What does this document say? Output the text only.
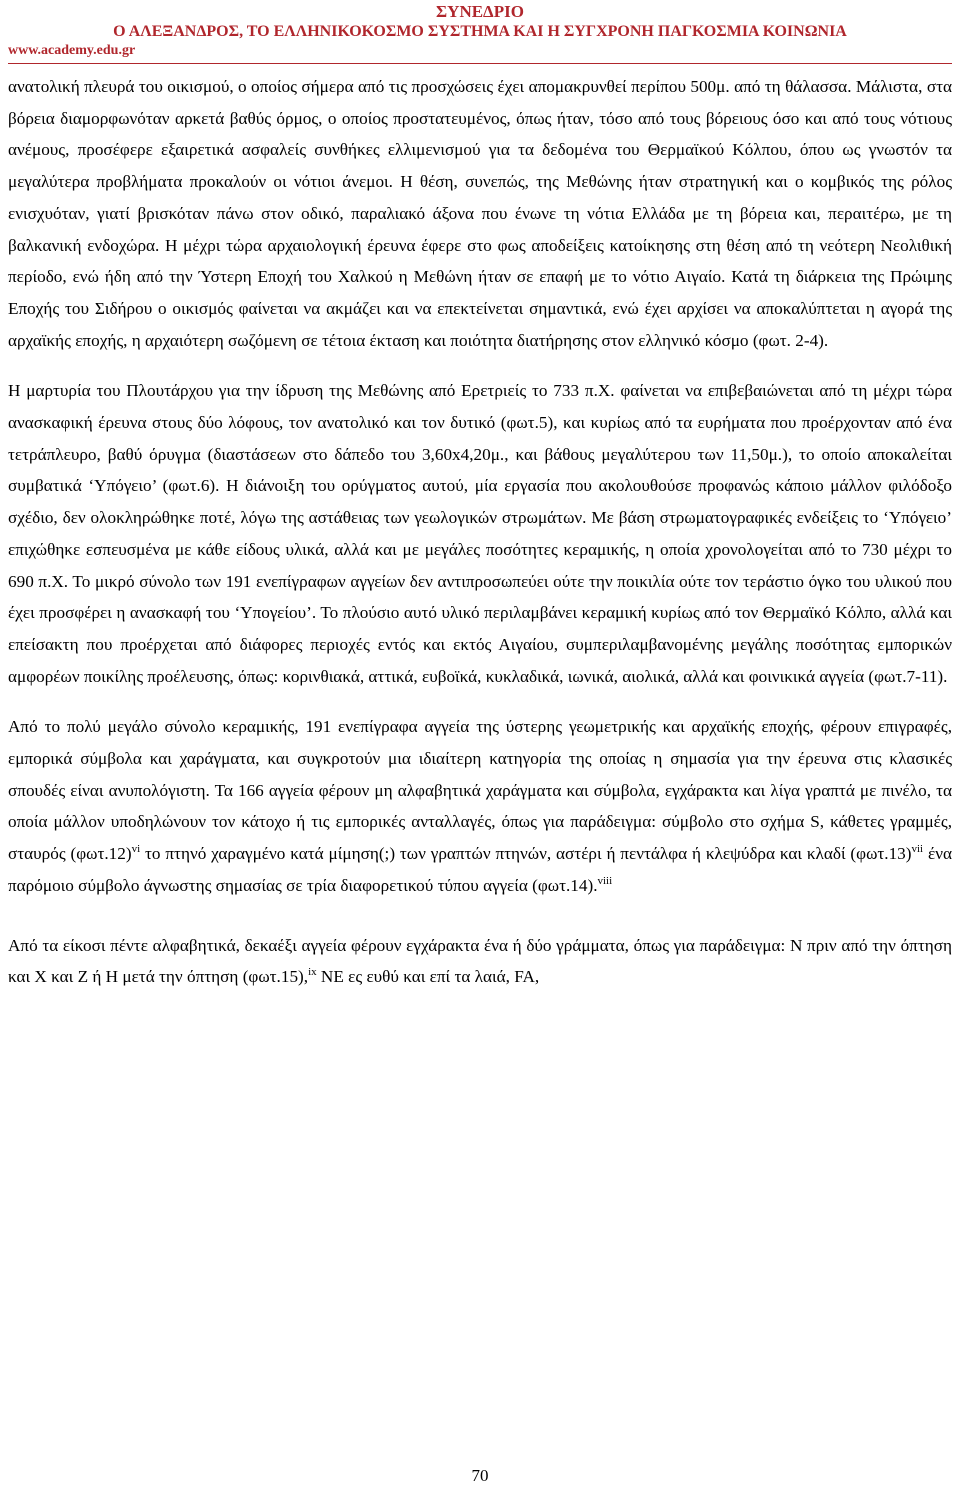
ΣΥΝΕΔΡΙΟ
Ο ΑΛΕΞΑΝΔΡΟΣ, ΤΟ ΕΛΛΗΝΙΚΟΚΟΣΜΟ ΣΥΣΤΗΜΑ ΚΑΙ Η ΣΥΓΧΡΟΝΗ ΠΑΓΚΟΣΜΙΑ ΚΟΙΝΩΝΙΑ
www.academy.edu.gr

ανατολική πλευρά του οικισμού, ο οποίος σήμερα από τις προσχώσεις έχει απομακρυνθεί περίπου 500μ. από τη θάλασσα. Μάλιστα, στα βόρεια διαμορφωνόταν αρκετά βαθύς όρμος, ο οποίος προστατευμένος, όπως ήταν, τόσο από τους βόρειους όσο και από τους νότιους ανέμους, προσέφερε εξαιρετικά ασφαλείς συνθήκες ελλιμενισμού για τα δεδομένα του Θερμαϊκού Κόλπου, όπου ως γνωστόν τα μεγαλύτερα προβλήματα προκαλούν οι νότιοι άνεμοι. Η θέση, συνεπώς, της Μεθώνης ήταν στρατηγική και ο κομβικός της ρόλος ενισχυόταν, γιατί βρισκόταν πάνω στον οδικό, παραλιακό άξονα που ένωνε τη νότια Ελλάδα με τη βόρεια και, περαιτέρω, με τη βαλκανική ενδοχώρα. Η μέχρι τώρα αρχαιολογική έρευνα έφερε στο φως αποδείξεις κατοίκησης στη θέση από τη νεότερη Νεολιθική περίοδο, ενώ ήδη από την Ύστερη Εποχή του Χαλκού η Μεθώνη ήταν σε επαφή με το νότιο Αιγαίο. Κατά τη διάρκεια της Πρώιμης Εποχής του Σιδήρου ο οικισμός φαίνεται να ακμάζει και να επεκτείνεται σημαντικά, ενώ έχει αρχίσει να αποκαλύπτεται η αγορά της αρχαϊκής εποχής, η αρχαιότερη σωζόμενη σε τέτοια έκταση και ποιότητα διατήρησης στον ελληνικό κόσμο (φωτ. 2-4).

Η μαρτυρία του Πλουτάρχου για την ίδρυση της Μεθώνης από Ερετριείς το 733 π.Χ. φαίνεται να επιβεβαιώνεται από τη μέχρι τώρα ανασκαφική έρευνα στους δύο λόφους, τον ανατολικό και τον δυτικό (φωτ.5), και κυρίως από τα ευρήματα που προέρχονταν από ένα τετράπλευρο, βαθύ όρυγμα (διαστάσεων στο δάπεδο του 3,60x4,20μ., και βάθους μεγαλύτερου των 11,50μ.), το οποίο αποκαλείται συμβατικά ‘Υπόγειο’ (φωτ.6). Η διάνοιξη του ορύγματος αυτού, μία εργασία που ακολουθούσε προφανώς κάποιο μάλλον φιλόδοξο σχέδιο, δεν ολοκληρώθηκε ποτέ, λόγω της αστάθειας των γεωλογικών στρωμάτων. Με βάση στρωματογραφικές ενδείξεις το ‘Υπόγειο’ επιχώθηκε εσπευσμένα με κάθε είδους υλικά, αλλά και με μεγάλες ποσότητες κεραμικής, η οποία χρονολογείται από το 730 μέχρι το 690 π.Χ. Το μικρό σύνολο των 191 ενεπίγραφων αγγείων δεν αντιπροσωπεύει ούτε την ποικιλία ούτε τον τεράστιο όγκο του υλικού που έχει προσφέρει η ανασκαφή του ‘Υπογείου’. Το πλούσιο αυτό υλικό περιλαμβάνει κεραμική κυρίως από τον Θερμαϊκό Κόλπο, αλλά και επείσακτη που προέρχεται από διάφορες περιοχές εντός και εκτός Αιγαίου, συμπεριλαμβανομένης μεγάλης ποσότητας εμπορικών αμφορέων ποικίλης προέλευσης, όπως: κορινθιακά, αττικά, ευβοϊκά, κυκλαδικά, ιωνικά, αιολικά, αλλά και φοινικικά αγγεία (φωτ.7-11).

Από το πολύ μεγάλο σύνολο κεραμικής, 191 ενεπίγραφα αγγεία της ύστερης γεωμετρικής και αρχαϊκής εποχής, φέρουν επιγραφές, εμπορικά σύμβολα και χαράγματα, και συγκροτούν μια ιδιαίτερη κατηγορία της οποίας η σημασία για την έρευνα στις κλασικές σπουδές είναι ανυπολόγιστη. Τα 166 αγγεία φέρουν μη αλφαβητικά χαράγματα και σύμβολα, εγχάρακτα και λίγα γραπτά με πινέλο, τα οποία μάλλον υποδηλώνουν τον κάτοχο ή τις εμπορικές ανταλλαγές, όπως για παράδειγμα: σύμβολο στο σχήμα S, κάθετες γραμμές, σταυρός $(\varphi\omega\tau.12)^{vi}$ το πτηνό χαραγμένο κατά μίμηση(;) των γραπτών πτηνών, αστέρι ή πεντάλφα ή κλεψύδρα και κλαδί $(\varphi\omega\tau.13)^{vii}$ ένα παρόμοιο σύμβολο άγνωστης σημασίας σε τρία διαφορετικού τύπου αγγεία (φωτ.14).$^{viii}$

Από τα είκοσι πέντε αλφαβητικά, δεκαέξι αγγεία φέρουν εγχάρακτα ένα ή δύο γράμματα, όπως για παράδειγμα: Ν πριν από την όπτηση και Χ και Ζ ή Η μετά την όπτηση (φωτ.15),$^{ix}$ ΝΕ ες ευθύ και επί τα λαιά, FA,

70
